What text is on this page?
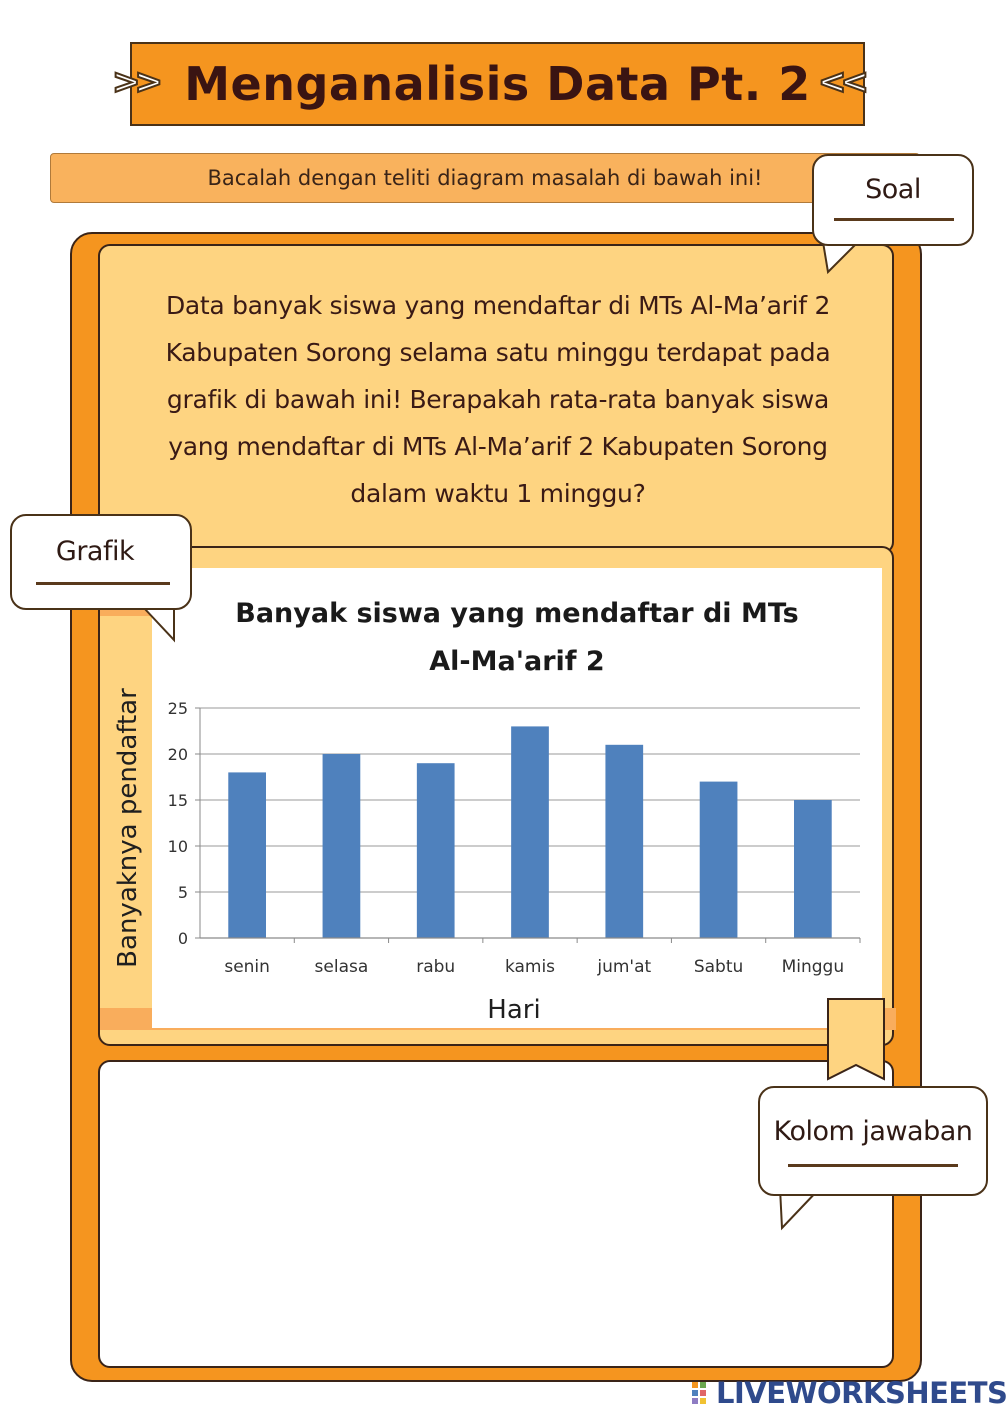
Menganalisis Data Pt. 2
>>	<<
Bacalah dengan teliti diagram masalah di bawah ini!
Data banyak siswa yang mendaftar di MTs Al-Ma’arif 2 Kabupaten Sorong selama satu minggu terdapat pada grafik di bawah ini! Berapakah rata-rata banyak siswa yang mendaftar di MTs Al-Ma’arif 2 Kabupaten Sorong dalam waktu 1 minggu?
Banyak siswa yang mendaftar di MTs
Al-Ma'arif 2
0
5
10
15
20
25
senin	selasa	rabu	kamis jum'at	Sabtu Minggu
Hari
Banyaknya pendaftar
Soal
Grafik
Kolom jawaban
LIVEWORKSHEETS
